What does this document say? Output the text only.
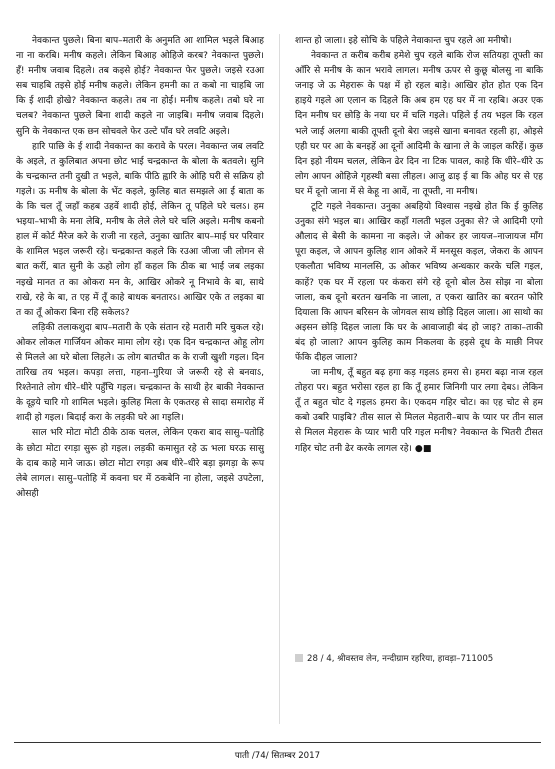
नेवकान्त पुछले। बिना बाप–मतारी के अनुमति आ शामिल भइले बिआह ना ना करबि। मनीष कहले। लेकिन बिआह ओहिजे करब? नेवकान्त पुछले। हँ! मनीष जवाब दिहले। तब कइसे होई? नेवकान्त फेर पुछले। जइसे रउआ सब चाहबि तइसे होई मनीष कहले। लेकिन हमनी का त कबो ना चाहबि जा कि ई शादी होखे? नेवकान्त कहले। तब ना होई। मनीष कहले। तबो घरे ना चलब? नेवकान्त पुछले बिना शादी कइले ना जाइबि। मनीष जवाब दिहले। सुनि के नेवकान्त एक छन सोचवले फेर उल्टे पाँव घरे लवटि अइले।

हारि पाछि के ई शादी नेवकान्त का करावे के परल। नेवकान्त जब लवटि के अइले, त कुलिबात अपना छोट भाई चन्द्रकान्त के बोला के बतवले। सुनि के चन्द्रकान्त तनी दुखी त भइले, बाकि पीठि ह्वारि के ओहि घरी से सक्रिय हो गइले। ऊ मनीष के बोला के भेंट कइले, कुलिह बात समझले आ ई बाता क के कि चल तूँ जहाँ कहब उहवें शादी होई, लेकिन तू पहिले घरे चलऽ। हम भइया–भाभी के मना लेबि, मनीष के लेले लेले घरे चलि अइले। मनीष कबनो हाल में कोर्ट मैरेज करे के राजी ना रहले, उनुका खातिर बाप–माई घर परिवार के शामिल भइल जरूरी रहे। चन्द्रकान्त कहले कि रउआ जीजा जी लोगन से बात करीं, बात सुनी के ऊहो लोग हाँ कहल कि ठीक बा भाई जब लइका नइखे मानत त का ओकरा मन के, आखिर ओकरे नू निभावे के बा, साथे राखे, रहे के बा, त एह में तूँ काहे बाधक बनतारऽ। आखिर एके त लइका बा त का तूँ ओकरा बिना रहि सकेलऽ?

लड़िकी तलाकशुदा बाप–मतारी के एके संतान रहे मतारी मरि चुकल रहे। ओकर लोकल गार्जियन ओकर मामा लोग रहे। एक दिन चन्द्रकान्त ओहू लोग से मिलले आ घरे बोला लिहले। ऊ लोग बातचीत क के राजी खुशी गइल। दिन तारिख तय भइल। कपड़ा लत्ता, गहना–गुरिया जे जरूरी रहे से बनवाऽ, रिश्तेनाते लोग धीरे–धीरे पहुँचि गइल। चन्द्रकान्त के साथी हेर बाकी नेवकान्त के दूइये चारि गो शामिल भइले। कुलिह मिला के एकतरह से सादा समारोह में शादी हो गइल। बिदाई करा के लड़की घरे आ गइलि।

साल भरि मोटा मोटी ठीके ठाक चलल, लेकिन एकरा बाद सासु–पतोहि के छोटा मोटा रगड़ा सुरू हो गइल। लड़की कमासुत रहे ऊ भला घरऊ सासु के दाब काहे माने जाऊ। छोटा मोटा रगड़ा अब धीरे–धीरे बड़ा झगड़ा के रूप लेबे लागल। सासु–पतोहि में कवना घर में ठकबेनि ना होला, जइसे उपटेला, ओसही

शान्त हो जाला। इहे सोचि के पहिले नेवाकान्त चुप रहले आ मनीषो।

नेवकान्त त करीब करीब हमेशे चुप रहले बाकि रोज सतियहा तूफ्ती का आँरि से मनीष के कान भरावे लागल। मनीष ऊपर से कुछू बोलसु ना बाकि जनाइ जे ऊ मेहरारू के पक्ष में हो रहल बाड़े। आखिर होत होत एक दिन हाइये गइले आ एलान क दिहले कि अब हम एह घर में ना रहबि। अउर एक दिन मनीष घर छोड़ि के नया घर में चलि गइले। पहिले ई तय भइल कि रहल भले जाई अलगा बाकी तूफ्ती दूनो बेरा जइसे खाना बनावत रहली हा, ओइसे एही घर पर आ के बनइहें आ दूनों आदिमी के खाना ले के जाइल करिहें। कुछ दिन इहो नीयम चलल, लेकिन ढेर दिन ना टिक पावल, काहे कि धीरे–धीरे ऊ लोग आपन ओहिजे गृहस्थी बसा लीहल। आजु ढाइ ई बा कि ओह घर से एह घर में दूनो जाना में से केहू ना आवें, ना तूफ्ती, ना मनीष।

टूटि गइले नेवकान्त। उनुका अबहियो विश्वास नइखे होत कि ई कुलिह उनुका संगे भइल बा। आखिर कहाँ गलती भइल उनुका से? जे आदिमी एगो औलाद से बेसी के कामना ना कइले। जे ओकर हर जायज–नाजायज माँग पूरा कइल, जे आपन कुलिह शान ओकरे में मनसूस कइल, जेकरा के आपन एकलौता भविष्य मानलसि, ऊ ओकर भविष्य अन्धकार करके चलि गइल, काहें? एक घर में रहला पर कंकरा संगे रहे दूनो बोल ठेस सोझ ना बोला जाला, कब दूनो बरतन खनकि ना जाला, त एकरा खातिर का बरतन फोरि दियाला कि आपन बरिसन के जोगवल साथ छोड़ि दिहल जाला। आ साथो का अइसन छोड़ि दिहल जाला कि घर के आवाजाही बंद हो जाइ? ताका–ताकी बंद हो जाला? आपन कुलिह काम निकलवा के हइसे दूध के माछी निपर फेंकि दीहल जाला?

जा मनीष, तूँ बहुत बढ़ हगा कड़ गइलऽ हमरा से। हमरा बढ़ा नाज रहल तोहरा पर। बहुत भरोसा रहल हा कि तूँ हमार जिनिगी पार लगा देबऽ। लेकिन तूँ त बहुत चोट दे गइलऽ हमरा के। एकदम गहिर चोट। का एह चोट से हम कबो उबरि पाइबि? तीस साल से मिलल मेहतारी–बाप के प्यार पर तीन साल से मिलल मेहरारू के प्यार भारी परि गइल मनीष? नेवकान्त के भितरी टीसत गहिर चोट तनी ढेर करके लागल रहे। ●■

28 / 4, श्रीवस्तव लेन, नन्दीग्राम रहरिया, हावड़ा–711005
पाती /74/ सितम्बर 2017
